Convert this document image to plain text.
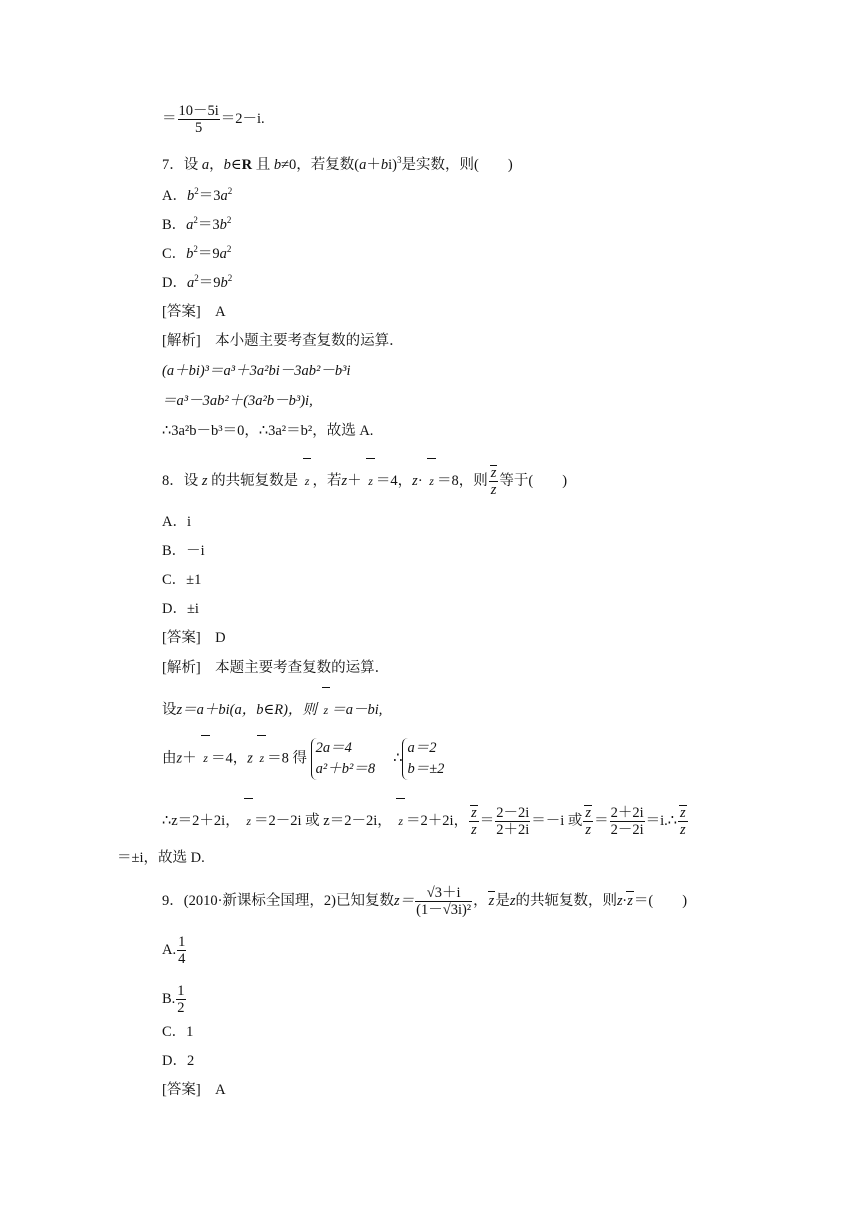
＝ $\frac{10-5i}{5} =2-i$.
7．设 a，b∈R 且 b≠0，若复数$(a+bi)^3$是实数，则(　　)
A．$b^2=3a^2$
B．$a^2=3b^2$
C．$b^2=9a^2$
D．$a^2=9b^2$
[答案]　 A
[解析]　 本小题主要考查复数的运算．
(a＋bi)³＝a³＋3a²bi－3ab²－b³i
＝a³－3ab²＋(3a²b－b³)i,
∴3a²b－b³＝0，∴3a²＝b²，故选 A.
8．设 z 的共轭复数是 z ，若z＋ z ＝4，z· z ＝8，则 $\frac{z}{z}$ 等于(　　)
A．i
B．－i
C．±1
D．±i
[答案]　 D
[解析]　 本题主要考查复数的运算．
设z＝a＋bi(a，b∈R)，则 z ＝a－bi,
由z＋ z ＝4，z z ＝8 得
2a＝4
a²＋b²＝8
∴
a＝2
b＝±2
∴z＝2＋2i， z ＝2－2i 或 z＝2－2i， z ＝2＋2i， $\frac{z}{z} = \frac{2-2i}{2+2i} =-i$ 或 $\frac{z}{z} = \frac{2+2i}{2-2i}$ ＝i.∴ $\frac{z}{z}$
＝±i，故选 D.
9．(2010·新课标全国理，2)已知复数$z= \frac{√3+i}{\text{(1－√3i)²}}$ ，z是z的共轭复数，则z·z＝(　　)
A. $\frac{1}{4}$
B. $\frac{1}{2}$
C．1
D．2
[答案]　 A
